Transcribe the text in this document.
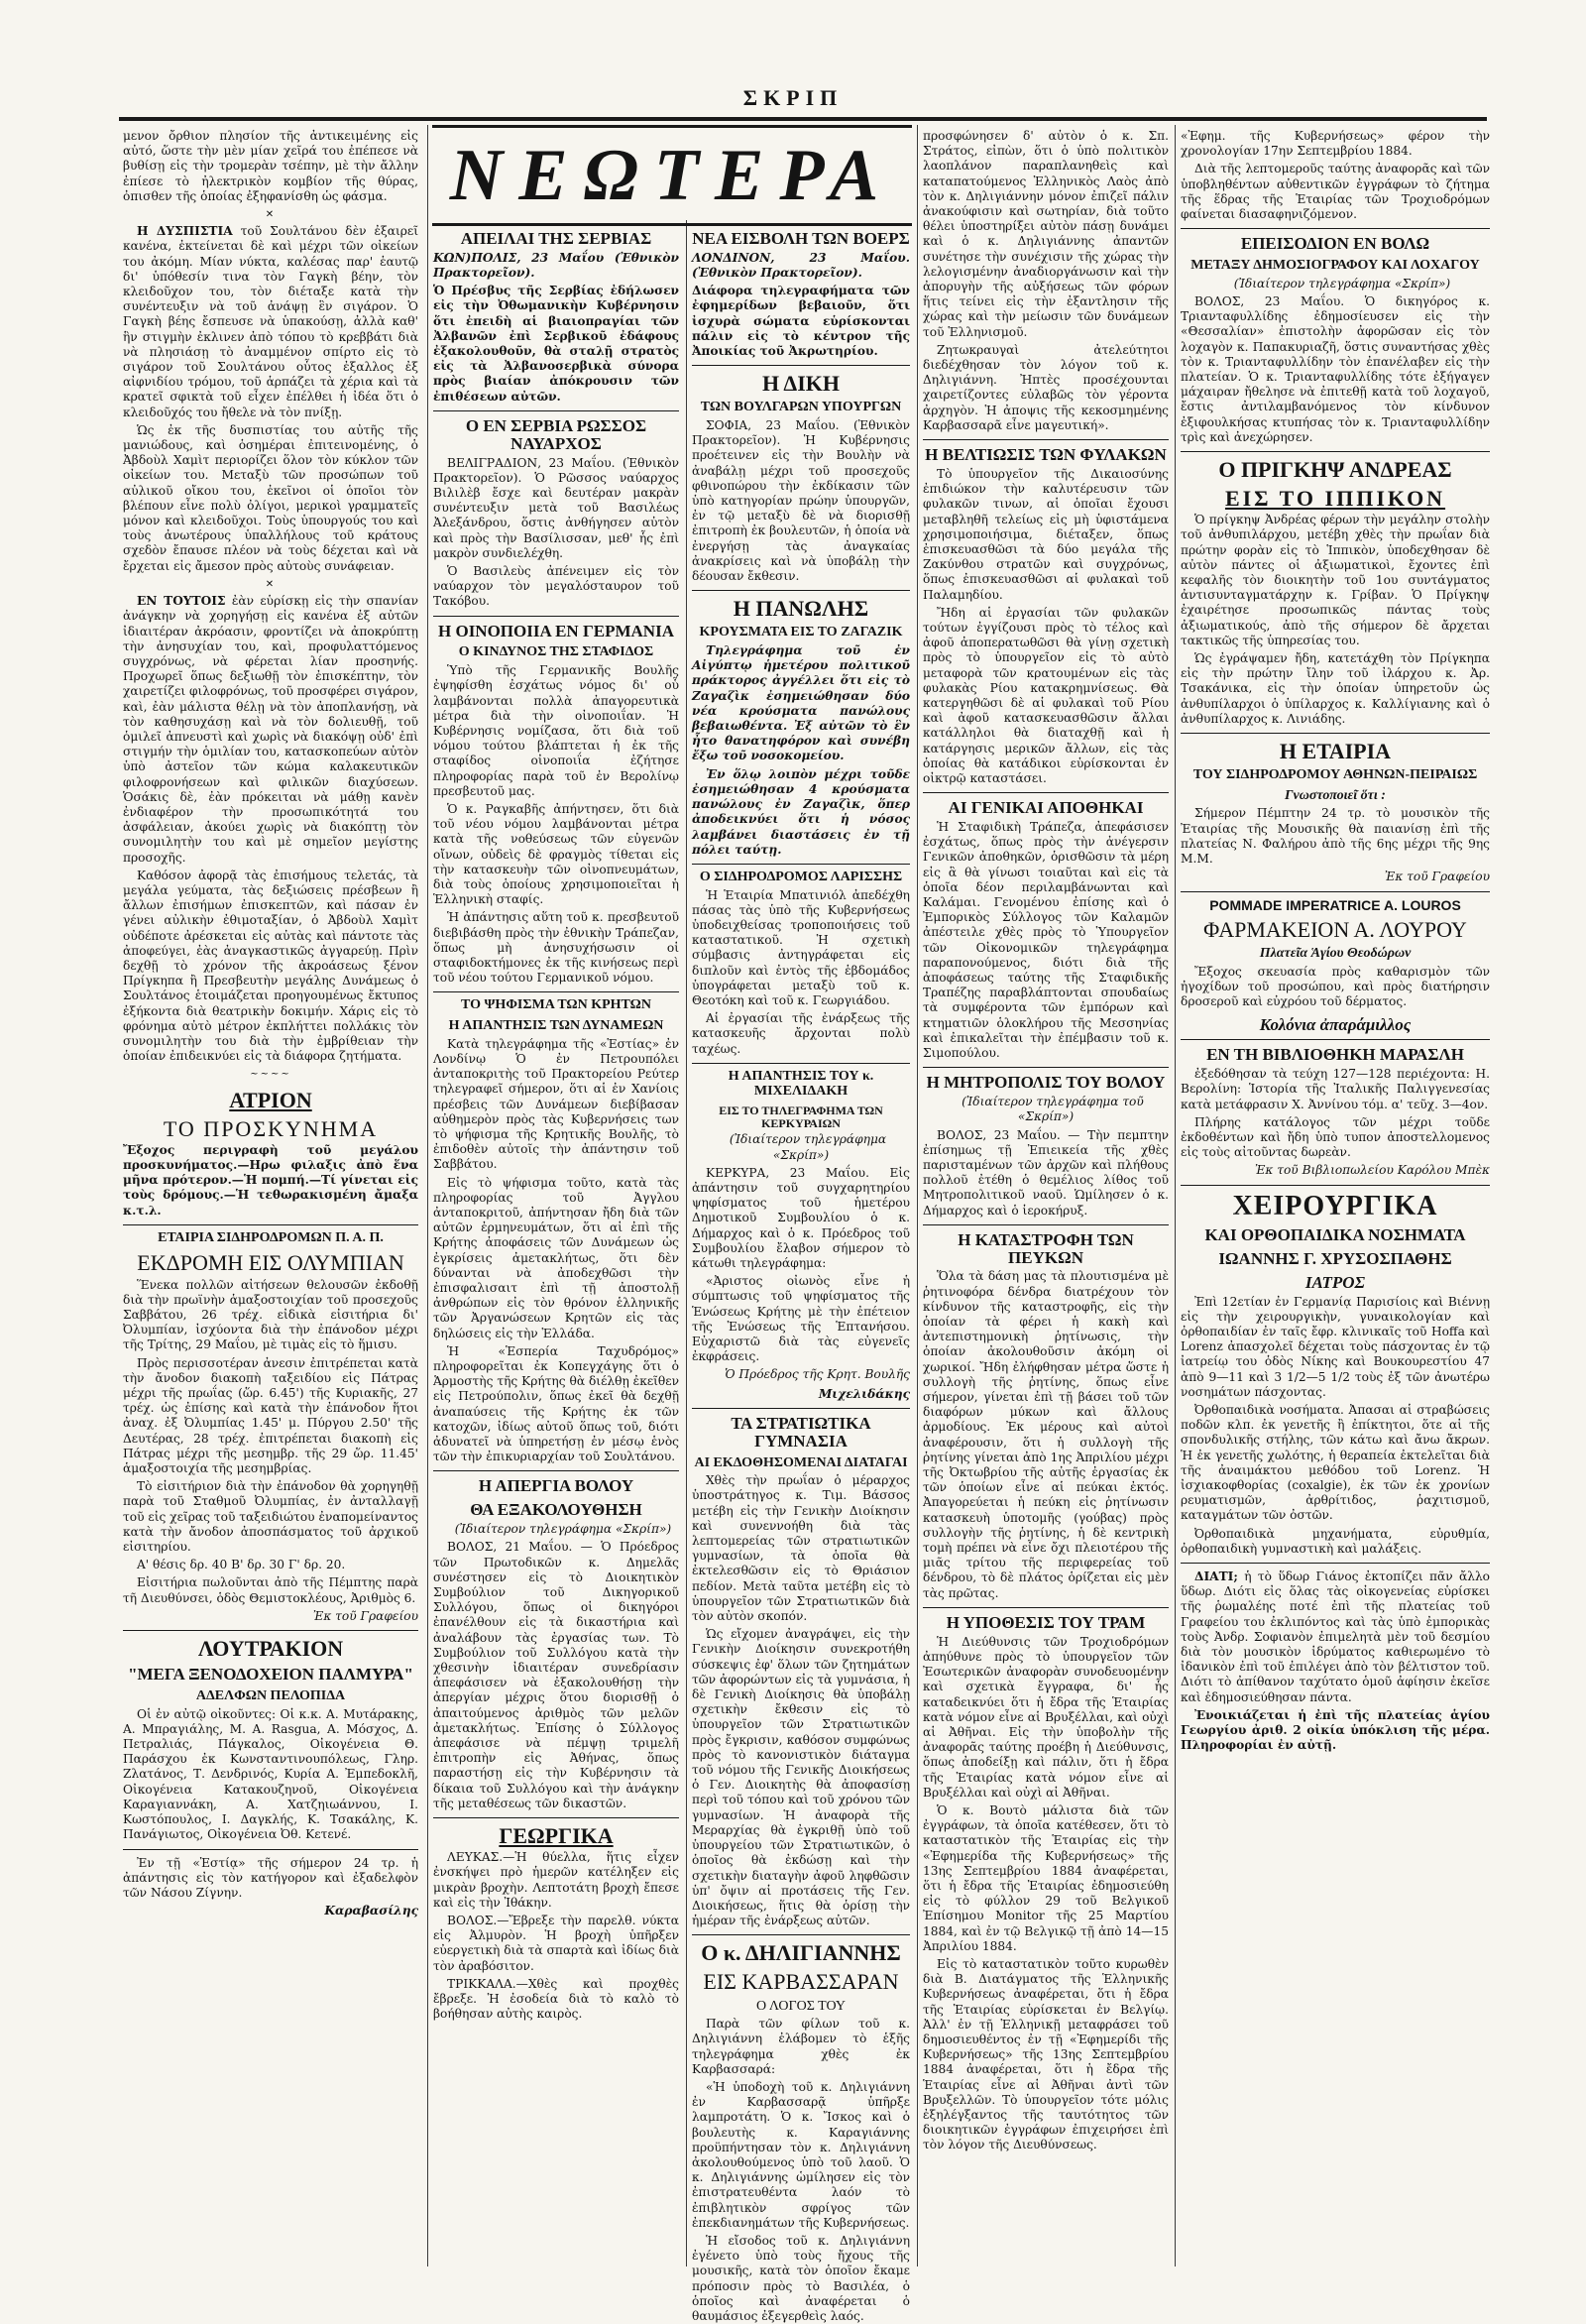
ΣΚΡΙΠ

μενον ὄρθιον πλησίον τῆς ἀντικειμένης εἰς αὐτό, ὥστε τὴν μὲν μίαν χεῖρά του ἐπέπεσε νὰ βυθίσῃ εἰς τὴν τρομερὰν τσέπην, μὲ τὴν ἄλλην ἐπίεσε τὸ ἠλεκτρικὸν κομβίον τῆς θύρας, ὀπισθεν τῆς ὁποίας ἐξηφανίσθη ὡς φάσμα.

✕

Η ΔΥΣΠΙΣΤΙΑ τοῦ Σουλτάνου δὲν ἐξαιρεῖ κανένα, ἐκτείνεται δὲ καὶ μέχρι τῶν οἰκείων του ἀκόμη. Μίαν νύκτα, καλέσας παρ' ἑαυτῷ δι' ὑπόθεσίν τινα τὸν Γαγκὴ βέην, τὸν κλειδοῦχον του, τὸν διέταξε κατὰ τὴν συνέντευξιν νὰ τοῦ ἀνάψῃ ἓν σιγάρον. Ὁ Γαγκὴ βέης ἔσπευσε νὰ ὑπακούσῃ, ἀλλὰ καθ' ἣν στιγμὴν ἐκλινεν ἀπὸ τόπου τὸ κρεββάτι διὰ νὰ πλησιάσῃ τὸ ἀναμμένον σπίρτο εἰς τὸ σιγάρον τοῦ Σουλτάνου οὗτος ἐξαλλος ἐξ αἰφνιδίου τρόμου, τοῦ ἁρπάζει τὰ χέρια καὶ τὰ κρατεῖ σφικτὰ τοῦ εἶχεν ἐπέλθει ἡ ἰδέα ὅτι ὁ κλειδοῦχός του ἤθελε νὰ τὸν πνίξῃ.

Ὡς ἐκ τῆς δυσπιστίας του αὐτῆς τῆς μανιώδους, καὶ ὁσημέραι ἐπιτεινομένης, ὁ Ἀβδοὺλ Χαμὶτ περιορίζει ὅλον τὸν κύκλον τῶν οἰκείων του. Μεταξὺ τῶν προσώπων τοῦ αὐλικοῦ οἴκου του, ἐκεῖνοι οἱ ὁποῖοι τὸν βλέπουν εἶνε πολὺ ὀλίγοι, μερικοὶ γραμματεῖς μόνον καὶ κλειδοῦχοι. Τοὺς ὑπουργούς του καὶ τοὺς ἀνωτέρους ὑπαλλήλους τοῦ κράτους σχεδὸν ἔπαυσε πλέον νὰ τοὺς δέχεται καὶ νὰ ἔρχεται εἰς ἄμεσον πρὸς αὐτοὺς συνάφειαν.

✕

ΕΝ ΤΟΥΤΟΙΣ ἐὰν εὑρίσκῃ εἰς τὴν σπανίαν ἀνάγκην νὰ χορηγήσῃ εἰς κανένα ἐξ αὐτῶν ἰδιαιτέραν ἀκρόασιν, φροντίζει νὰ ἀποκρύπτῃ τὴν ἀνησυχίαν του, καὶ, προφυλαττόμενος συγχρόνως, νὰ φέρεται λίαν προσηνής. Προχωρεῖ ὅπως δεξιωθῇ τὸν ἐπισκέπτην, τὸν χαιρετίζει φιλοφρόνως, τοῦ προσφέρει σιγάρον, καὶ, ἐὰν μάλιστα θέλῃ νὰ τὸν ἀποπλανήσῃ, νὰ τὸν καθησυχάσῃ καὶ νὰ τὸν δολιευθῇ, τοῦ ὁμιλεῖ ἀπνευστὶ καὶ χωρὶς νὰ διακόψῃ οὐδ' ἐπὶ στιγμήν τὴν ὁμιλίαν του, κατασκοπεύων αὐτὸν ὑπὸ ἀστεῖον τῶν κώμα καλακευτικῶν φιλοφρονήσεων καὶ φιλικῶν διαχύσεων. Ὁσάκις δὲ, ἐὰν πρόκειται νὰ μάθῃ κανὲν ἐνδιαφέρον τὴν προσωπικότητά του ἀσφάλειαν, ἀκούει χωρὶς νὰ διακόπτῃ τὸν συνομιλητὴν του καὶ μὲ σημεῖον μεγίστης προσοχῆς.

Καθόσον ἀφορᾷ τὰς ἐπισήμους τελετάς, τὰ μεγάλα γεύματα, τὰς δεξιώσεις πρέσβεων ἢ ἄλλων ἐπισήμων ἐπισκεπτῶν, καὶ πάσαν ἐν γένει αὐλικὴν ἐθιμοταξίαν, ὁ Ἀβδοὺλ Χαμὶτ οὐδέποτε ἀρέσκεται εἰς αὐτὰς καὶ πάντοτε τὰς ἀποφεύγει, ἐὰς ἀναγκαστικῶς ἀγγαρεύῃ. Πρὶν δεχθῇ τὸ χρόνον τῆς ἀκροάσεως ξένον Πρίγκηπα ἢ Πρεσβευτὴν μεγάλης Δυνάμεως ὁ Σουλτάνος ἑτοιμάζεται προηγουμένως ἔκτυπος ἐξήκοντα διὰ θεατρικὴν δοκιμήν. Χάρις εἰς τὸ φρόνημα αὐτὸ μέτρον ἐκπλήττει πολλάκις τὸν συνομιλητὴν του διὰ τὴν ἐμβρίθειαν τὴν ὁποίαν ἐπιδεικνύει εἰς τὰ διάφορα ζητήματα.

~~~~
ΑΤΡΙΟΝ
ΤΟ ΠΡΟΣΚΥΝΗΜΑ

Ἔξοχος περιγραφὴ τοῦ μεγάλου προσκυνήματος.—Ηρω φιλαξις ἀπὸ ἕνα μῆνα πρότερον.—Ἡ πομπή.—Τί γίνεται εἰς τοὺς δρόμους.—Ἡ τεθωρακισμένη ἄμαξα κ.τ.λ.

ΕΤΑΙΡΙΑ ΣΙΔΗΡΟΔΡΟΜΩΝ Π. Α. Π.
ΕΚΔΡΟΜΗ ΕΙΣ ΟΛΥΜΠΙΑΝ

Ἕνεκα πολλῶν αἰτήσεων θελουσῶν ἐκδοθῇ διὰ τὴν πρωϊνὴν ἁμαξοστοιχίαν τοῦ προσεχοῦς Σαββάτου, 26 τρέχ. εἰδικὰ εἰσιτήρια δι' Ὀλυμπίαν, ἰσχύοντα διὰ τὴν ἐπάνοδον μέχρι τῆς Τρίτης, 29 Μαΐου, μὲ τιμὰς εἰς τὸ ἥμισυ.

Πρὸς περισσοτέραν ἀνεσιν ἐπιτρέπεται κατὰ τὴν ἄνοδον διακοπὴ ταξειδίου εἰς Πάτρας μέχρι τῆς πρωΐας (ὥρ. 6.45') τῆς Κυριακῆς, 27 τρέχ. ὡς ἐπίσης καὶ κατὰ τὴν ἐπάνοδον ἥτοι ἀναχ. ἐξ Ὀλυμπίας 1.45' μ. Πύργου 2.50' τῆς Δευτέρας, 28 τρέχ. ἐπιτρέπεται διακοπὴ εἰς Πάτρας μέχρι τῆς μεσημβρ. τῆς 29 ὥρ. 11.45' ἁμαξοστοιχία τῆς μεσημβρίας.

Τὸ εἰσιτήριον διὰ τὴν ἐπάνοδον θὰ χορηγηθῇ παρὰ τοῦ Σταθμοῦ Ὀλυμπίας, ἐν ἀνταλλαγῇ τοῦ εἰς χεῖρας τοῦ ταξειδιώτου ἐναπομείναντος κατὰ τὴν ἄνοδον ἀποσπάσματος τοῦ ἀρχικοῦ εἰσιτηρίου.

Α' θέσις δρ. 40 Β' δρ. 30 Γ' δρ. 20.

Εἰσιτήρια πωλοῦνται ἀπὸ τῆς Πέμπτης παρὰ τῆ Διευθύνσει, ὁδὸς Θεμιστοκλέους, Ἀριθμὸς 6.

Ἐκ τοῦ Γραφείου
ΛΟΥΤΡΑΚΙΟΝ
"ΜΕΓΑ ΞΕΝΟΔΟΧΕΙΟΝ ΠΑΛΜΥΡΑ"
ΑΔΕΛΦΩΝ ΠΕΛΟΠΙΔΑ

Οἱ ἐν αὐτῷ οἰκοῦντες: Οἱ κ.κ. Α. Μυτάρακης, Α. Μπραγιάλης, Μ. Α. Rasgua, Α. Μόσχος, Δ. Πετραλιάς, Πάγκαλος, Οἰκογένεια Θ. Παράσχου ἐκ Κωνσταντινουπόλεως, Γληρ. Ζλατάνος, Τ. Δενδρινός, Κυρία Α. Ἐμπεδοκλῆ, Οἰκογένεια Κατακουζηνοῦ, Οἰκογένεια Καραγιαννάκη, Α. Χατζηιωάννου, Ι. Κωστόπουλος, Ι. Δαγκλής, Κ. Τσακάλης, Κ. Πανάγιωτος, Οἰκογένεια Ὀθ. Κετενέ.

Ἐν τῇ «Ἑστίᾳ» τῆς σήμερον 24 τρ. ἡ ἀπάντησις εἰς τὸν κατήγορον καὶ ἐξαδελφὸν τῶν Νάσου Ζίγνην.

Καραβασίλης
ΝΕΩΤΕΡΑ
ΑΠΕΙΛΑΙ ΤΗΣ ΣΕΡΒΙΑΣ

ΚΩΝ)ΠΟΛΙΣ, 23 Μαΐου (Ἐθνικὸν Πρακτορεῖον).

Ὁ Πρέσβυς τῆς Σερβίας ἐδήλωσεν εἰς τὴν Ὀθωμανικὴν Κυβέρνησιν ὅτι ἐπειδὴ αἱ βιαιοπραγίαι τῶν Ἀλβανῶν ἐπὶ Σερβικοῦ ἐδάφους ἐξακολουθοῦν, θὰ σταλῇ στρατὸς εἰς τὰ Ἀλβανοσερβικὰ σύνορα πρὸς βιαίαν ἀπόκρουσιν τῶν ἐπιθέσεων αὐτῶν.

Ο ΕΝ ΣΕΡΒΙΑ ΡΩΣΣΟΣ ΝΑΥΑΡΧΟΣ

ΒΕΛΙΓΡΑΔΙΟΝ, 23 Μαΐου. (Ἐθνικὸν Πρακτορεῖον). Ὁ Ρῶσσος ναύαρχος Βιλιλὲβ ἔσχε καὶ δευτέραν μακρὰν συνέντευξιν μετὰ τοῦ Βασιλέως Ἀλεξάνδρου, ὅστις ἀνθήγησεν αὐτὸν καὶ πρὸς τὴν Βασίλισσαν, μεθ' ἧς ἐπὶ μακρὸν συνδιελέχθη.

Ὁ Βασιλεὺς ἀπένειμεν εἰς τὸν ναύαρχον τὸν μεγαλόσταυρον τοῦ Τακόβου.

Η ΟΙΝΟΠΟΙΙΑ ΕΝ ΓΕΡΜΑΝΙΑ
Ο ΚΙΝΔΥΝΟΣ ΤΗΣ ΣΤΑΦΙΔΟΣ

Ὑπὸ τῆς Γερμανικῆς Βουλῆς ἐψηφίσθη ἐσχάτως νόμος δι' οὗ λαμβάνονται πολλὰ ἀπαγορευτικὰ μέτρα διὰ τὴν οἰνοποιΐαν. Ἡ Κυβέρνησις νομίζασα, ὅτι διὰ τοῦ νόμου τούτου βλάπτεται ἡ ἐκ τῆς σταφίδος οἰνοποιΐα ἐζήτησε πληροφορίας παρὰ τοῦ ἐν Βερολίνῳ πρεσβευτοῦ μας.

Ὁ κ. Ραγκαβῆς ἀπήντησεν, ὅτι διὰ τοῦ νέου νόμου λαμβάνονται μέτρα κατὰ τῆς νοθεύσεως τῶν εὐγενῶν οἴνων, οὐδεὶς δὲ φραγμὸς τίθεται εἰς τὴν κατασκευὴν τῶν οἰνοπνευμάτων, διὰ τοὺς ὁποίους χρησιμοποιεῖται ἡ Ἑλληνικὴ σταφίς.

Ἡ ἀπάντησις αὕτη τοῦ κ. πρεσβευτοῦ διεβιβάσθη πρὸς τὴν ἐθνικὴν Τράπεζαν, ὅπως μὴ ἀνησυχήσωσιν οἱ σταφιδοκτήμονες ἐκ τῆς κινήσεως περὶ τοῦ νέου τούτου Γερμανικοῦ νόμου.

ΤΟ ΨΗΦΙΣΜΑ ΤΩΝ ΚΡΗΤΩΝ
Η ΑΠΑΝΤΗΣΙΣ ΤΩΝ ΔΥΝΑΜΕΩΝ

Κατὰ τηλεγράφημα τῆς «Ἑστίας» ἐν Λονδίνῳ Ὁ ἐν Πετρουπόλει ἀνταποκριτὴς τοῦ Πρακτορείου Ρεύτερ τηλεγραφεῖ σήμερον, ὅτι αἱ ἐν Χανίοις πρέσβεις τῶν Δυνάμεων διεβίβασαν αὐθημερὸν πρὸς τὰς Κυβερνήσεις των τὸ ψήφισμα τῆς Κρητικῆς Βουλῆς, τὸ ἐπιδοθὲν αὐτοῖς τὴν ἀπάντησιν τοῦ Σαββάτου.

Εἰς τὸ ψήφισμα τοῦτο, κατὰ τὰς πληροφορίας τοῦ Ἀγγλου ἀνταποκριτοῦ, ἀπήντησαν ἤδη διὰ τῶν αὐτῶν ἐρμηνευμάτων, ὅτι αἱ ἐπὶ τῆς Κρήτης ἀποφάσεις τῶν Δυνάμεων ὡς ἐγκρίσεις ἀμετακλήτως, ὅτι δὲν δύνανται νὰ ἀποδεχθῶσι τὴν ἐπισφαλισαιτ ἐπὶ τῇ ἀποστολῇ ἀνθρώπων εἰς τὸν θρόνον ἑλληνικῆς τῶν Ἀργανώσεων Κρητῶν εἰς τὰς δηλώσεις εἰς τὴν Ἑλλάδα.

Ἡ «Ἑσπερία Ταχυδρόμος» πληροφορεῖται ἐκ Κοπεγχάγης ὅτι ὁ Ἁρμοστὴς τῆς Κρήτης θὰ διέλθῃ ἐκεῖθεν εἰς Πετρούπολιν, ὅπως ἐκεῖ θὰ δεχθῇ ἀναπαύσεις τῆς Κρήτης ἐκ τῶν κατοχῶν, ἰδίως αὐτοῦ ὅπως τοῦ, διότι ἀδυνατεῖ νὰ ὑπηρετήσῃ ἐν μέσῳ ἑνὸς τῶν τὴν ἐπικυριαρχίαν τοῦ Σουλτάνου.

Η ΑΠΕΡΓΙΑ ΒΟΛΟΥ
ΘΑ ΕΞΑΚΟΛΟΥΘΗΣΗ

(Ἰδιαίτερον τηλεγράφημα «Σκρίπ»)

ΒΟΛΟΣ, 21 Μαΐου. — Ὁ Πρόεδρος τῶν Πρωτοδικῶν κ. Δημελᾶς συνέστησεν εἰς τὸ Διοικητικὸν Συμβούλιον τοῦ Δικηγορικοῦ Συλλόγου, ὅπως οἱ δικηγόροι ἐπανέλθουν εἰς τὰ δικαστήρια καὶ ἀναλάβουν τὰς ἐργασίας των. Τὸ Συμβούλιον τοῦ Συλλόγου κατὰ τὴν χθεσινὴν ἰδιαιτέραν συνεδρίασιν ἀπεφάσισεν νὰ ἐξακολουθήσῃ τὴν ἀπεργίαν μέχρις ὅτου διορισθῇ ὁ ἀπαιτούμενος ἀριθμὸς τῶν μελῶν ἀμετακλήτως. Ἐπίσης ὁ Σύλλογος ἀπεφάσισε νὰ πέμψῃ τριμελῆ ἐπιτροπὴν εἰς Ἀθήνας, ὅπως παραστήσῃ εἰς τὴν Κυβέρνησιν τὰ δίκαια τοῦ Συλλόγου καὶ τὴν ἀνάγκην τῆς μεταθέσεως τῶν δικαστῶν.

ΓΕΩΡΓΙΚΑ

ΛΕΥΚΑΣ.—Ἡ θύελλα, ἥτις εἶχεν ἐνσκήψει πρὸ ἡμερῶν κατέληξεν εἰς μικρὰν βροχὴν. Λεπτοτάτη βροχὴ ἔπεσε καὶ εἰς τὴν Ἰθάκην.

ΒΟΛΟΣ.—Ἔβρεξε τὴν παρελθ. νύκτα εἰς Ἀλμυρὸν. Ἡ βροχὴ ὑπῆρξεν εὐεργετικὴ διὰ τὰ σπαρτὰ καὶ ἰδίως διὰ τὸν ἀραβόσιτον.

ΤΡΙΚΚΑΛΑ.—Χθὲς καὶ προχθὲς ἔβρεξε. Ἡ ἐσοδεία διὰ τὸ καλὸ τὸ βοήθησαν αὐτὴς καιρὸς.

ΝΕΑ ΕΙΣΒΟΛΗ ΤΩΝ ΒΟΕΡΣ

ΛΟΝΔΙΝΟΝ, 23 Μαΐου. (Ἐθνικὸν Πρακτορεῖον).

Διάφορα τηλεγραφήματα τῶν ἐφημερίδων βεβαιοῦν, ὅτι ἰσχυρὰ σώματα εὑρίσκονται πάλιν εἰς τὸ κέντρον τῆς Ἀποικίας τοῦ Ἀκρωτηρίου.

Η ΔΙΚΗ
ΤΩΝ ΒΟΥΛΓΑΡΩΝ ΥΠΟΥΡΓΩΝ

ΣΟΦΙΑ, 23 Μαΐου. (Ἐθνικὸν Πρακτορεῖον). Ἡ Κυβέρνησις προέτεινεν εἰς τὴν Βουλὴν νὰ ἀναβάλῃ μέχρι τοῦ προσεχοῦς φθινοπώρου τὴν ἐκδίκασιν τῶν ὑπὸ κατηγορίαν πρώην ὑπουργῶν, ἐν τῷ μεταξὺ δὲ νὰ διορισθῇ ἐπιτροπὴ ἐκ βουλευτῶν, ἡ ὁποία νὰ ἐνεργήσῃ τὰς ἀναγκαίας ἀνακρίσεις καὶ νὰ ὑποβάλῃ τὴν δέουσαν ἔκθεσιν.

Η ΠΑΝΩΛΗΣ
ΚΡΟΥΣΜΑΤΑ ΕΙΣ ΤΟ ΖΑΓΑΖΙΚ

Τηλεγράφημα τοῦ ἐν Αἰγύπτῳ ἡμετέρου πολιτικοῦ πράκτορος ἀγγέλλει ὅτι εἰς τὸ Ζαγαζὶκ ἐσημειώθησαν δύο νέα κρούσματα πανώλους βεβαιωθέντα. Ἐξ αὐτῶν τὸ ἓν ἦτο θανατηφόρον καὶ συνέβη ἔξω τοῦ νοσοκομείου.

Ἐν ὅλῳ λοιπὸν μέχρι τοῦδε ἐσημειώθησαν 4 κρούσματα πανώλους ἐν Ζαγαζὶκ, ὅπερ ἀποδεικνύει ὅτι ἡ νόσος λαμβάνει διαστάσεις ἐν τῇ πόλει ταύτῃ.

Ο ΣΙΔΗΡΟΔΡΟΜΟΣ ΛΑΡΙΣΣΗΣ

Ἡ Ἑταιρία Μπατινιόλ ἀπεδέχθη πάσας τὰς ὑπὸ τῆς Κυβερνήσεως ὑποδειχθείσας τροποποιήσεις τοῦ καταστατικοῦ. Ἡ σχετικὴ σύμβασις ἀντηγράφεται εἰς διπλοῦν καὶ ἐντὸς τῆς ἑβδομάδος ὑπογράφεται μεταξὺ τοῦ κ. Θεοτόκη καὶ τοῦ κ. Γεωργιάδου.

Αἱ ἐργασίαι τῆς ἐνάρξεως τῆς κατασκευῆς ἄρχονται πολὺ ταχέως.

Η ΑΠΑΝΤΗΣΙΣ ΤΟΥ κ. ΜΙΧΕΛΙΔΑΚΗ
ΕΙΣ ΤΟ ΤΗΛΕΓΡΑΦΗΜΑ ΤΩΝ ΚΕΡΚΥΡΑΙΩΝ

(Ἰδιαίτερον τηλεγράφημα «Σκρίπ»)

ΚΕΡΚΥΡΑ, 23 Μαΐου. Εἰς ἀπάντησιν τοῦ συγχαρητηρίου ψηφίσματος τοῦ ἡμετέρου Δημοτικοῦ Συμβουλίου ὁ κ. Δήμαρχος καὶ ὁ κ. Πρόεδρος τοῦ Συμβουλίου ἔλαβον σήμερον τὸ κάτωθι τηλεγράφημα:

«Ἀριστος οἰωνὸς εἶνε ἡ σύμπτωσις τοῦ ψηφίσματος τῆς Ἑνώσεως Κρήτης μὲ τὴν ἐπέτειον τῆς Ἑνώσεως τῆς Ἑπτανήσου. Εὐχαριστῶ διὰ τὰς εὐγενεῖς ἐκφράσεις.

Ὁ Πρόεδρος τῆς Κρητ. Βουλῆς
Μιχελιδάκης
ΤΑ ΣΤΡΑΤΙΩΤΙΚΑ ΓΥΜΝΑΣΙΑ
ΑΙ ΕΚΔΟΘΗΣΟΜΕΝΑΙ ΔΙΑΤΑΓΑΙ

Χθὲς τὴν πρωΐαν ὁ μέραρχος ὑποστράτηγος κ. Τιμ. Βάσσος μετέβη εἰς τὴν Γενικὴν Διοίκησιν καὶ συνεννοήθη διὰ τὰς λεπτομερείας τῶν στρατιωτικῶν γυμνασίων, τὰ ὁποῖα θὰ ἐκτελεσθῶσιν εἰς τὸ Θριάσιον πεδίον. Μετὰ ταῦτα μετέβη εἰς τὸ ὑπουργεῖον τῶν Στρατιωτικῶν διὰ τὸν αὐτὸν σκοπόν.

Ὡς εἴχομεν ἀναγράψει, εἰς τὴν Γενικὴν Διοίκησιν συνεκροτήθη σύσκεψις ἐφ' ὅλων τῶν ζητημάτων τῶν ἀφορώντων εἰς τὰ γυμνάσια, ἡ δὲ Γενικὴ Διοίκησις θὰ ὑποβάλῃ σχετικὴν ἔκθεσιν εἰς τὸ ὑπουργεῖον τῶν Στρατιωτικῶν πρὸς ἔγκρισιν, καθόσον συμφώνως πρὸς τὸ κανονιστικὸν διάταγμα τοῦ νόμου τῆς Γενικῆς Διοικήσεως ὁ Γεν. Διοικητὴς θὰ ἀποφασίσῃ περὶ τοῦ τόπου καὶ τοῦ χρόνου τῶν γυμνασίων. Ἡ ἀναφορὰ τῆς Μεραρχίας θὰ ἐγκριθῇ ὑπὸ τοῦ ὑπουργείου τῶν Στρατιωτικῶν, ὁ ὁποῖος θὰ ἐκδώσῃ καὶ τὴν σχετικὴν διαταγὴν ἀφοῦ ληφθῶσιν ὑπ' ὄψιν αἱ προτάσεις τῆς Γεν. Διοικήσεως, ἥτις θὰ ὁρίσῃ τὴν ἡμέραν τῆς ἐνάρξεως αὐτῶν.

Ο κ. ΔΗΛΙΓΙΑΝΝΗΣ
ΕΙΣ ΚΑΡΒΑΣΣΑΡΑΝ
Ο ΛΟΓΟΣ ΤΟΥ

Παρὰ τῶν φίλων τοῦ κ. Δηλιγιάννη ἐλάβομεν τὸ ἑξῆς τηλεγράφημα χθὲς ἐκ Καρβασσαρά:

«Ἡ ὑποδοχὴ τοῦ κ. Δηλιγιάννη ἐν Καρβασσαρᾷ ὑπῆρξε λαμπροτάτη. Ὁ κ. Ἴσκος καὶ ὁ βουλευτὴς κ. Καραγιάννης προϋπήντησαν τὸν κ. Δηλιγιάννη ἀκολουθούμενος ὑπὸ τοῦ λαοῦ. Ὁ κ. Δηλιγιάννης ὡμίλησεν εἰς τὸν ἐπιστρατευθέντα λαόν τὸ ἐπιβλητικὸν σφρίγος τῶν ἐπεκδιανημάτων τῆς Κυβερνήσεως.

Ἡ εἴσοδος τοῦ κ. Δηλιγιάννη ἐγένετο ὑπὸ τοὺς ἤχους τῆς μουσικῆς, κατὰ τὸν ὁποῖον ἔκαμε πρόποσιν πρὸς τὸ Βασιλέα, ὁ ὁποῖος καὶ ἀναφέρεται ὁ θαυμάσιος ἐξεγερθεὶς λαός.

προσφώνησεν δ' αὐτὸν ὁ κ. Σπ. Στράτος, εἰπὼν, ὅτι ὁ ὑπὸ πολιτικὸν λαοπλάνον παραπλανηθεὶς καὶ καταπατούμενος Ἑλληνικὸς Λαὸς ἀπὸ τὸν κ. Δηλιγιάννην μόνον ἐπιζεῖ πάλιν ἀνακούφισιν καὶ σωτηρίαν, διὰ τοῦτο θέλει ὑποστηρίξει αὐτὸν πάσῃ δυνάμει καὶ ὁ κ. Δηλιγιάννης ἀπαντῶν συνέτησε τὴν συνέχισιν τῆς χώρας τὴν λελογισμένην ἀναδιοργάνωσιν καὶ τὴν ἀπορυγὴν τῆς αὐξήσεως τῶν φόρων ἥτις τείνει εἰς τὴν ἐξαντλησιν τῆς χώρας καὶ τὴν μείωσιν τῶν δυνάμεων τοῦ Ἑλληνισμοῦ.

Ζητωκραυγαὶ ἀτελεύτητοι διεδέχθησαν τὸν λόγον τοῦ κ. Δηλιγιάννη. Ἠπτὲς προσέχουνται χαιρετίζοντες εὐλαβῶς τὸν γέροντα ἀρχηγὸν. Ἡ ἀποψις τῆς κεκοσμημένης Καρβασσαρᾶ εἶνε μαγευτική».

Η ΒΕΛΤΙΩΣΙΣ ΤΩΝ ΦΥΛΑΚΩΝ

Τὸ ὑπουργεῖον τῆς Δικαιοσύνης ἐπιδιώκον τὴν καλυτέρευσιν τῶν φυλακῶν τινων, αἱ ὁποῖαι ἔχουσι μεταβληθῆ τελείως εἰς μὴ ὑφιστάμενα χρησιμοποιήσιμα, διέταξεν, ὅπως ἐπισκευασθῶσι τὰ δύο μεγάλα τῆς Ζακύνθου στρατῶν καὶ συγχρόνως, ὅπως ἐπισκευασθῶσι αἱ φυλακαὶ τοῦ Παλαμηδίου.

Ἤδη αἱ ἐργασίαι τῶν φυλακῶν τούτων ἐγγίζουσι πρὸς τὸ τέλος καὶ ἀφοῦ ἀποπερατωθῶσι θὰ γίνῃ σχετικὴ πρὸς τὸ ὑπουργεῖον εἰς τὸ αὐτὸ μεταφορὰ τῶν κρατουμένων εἰς τὰς φυλακὰς Ρίου κατακρημνίσεως. Θὰ κατεργηθῶσι δὲ αἱ φυλακαὶ τοῦ Ρίου καὶ ἀφοῦ κατασκευασθῶσιν ἄλλαι κατάλληλοι θὰ διαταχθῇ καὶ ἡ κατάργησις μερικῶν ἄλλων, εἰς τὰς ὁποίας θὰ κατάδικοι εὑρίσκονται ἐν οἰκτρῷ καταστάσει.

ΑΙ ΓΕΝΙΚΑΙ ΑΠΟΘΗΚΑΙ

Ἡ Σταφιδικὴ Τράπεζα, ἀπεφάσισεν ἐσχάτως, ὅπως πρὸς τὴν ἀνέγερσιν Γενικῶν ἀποθηκῶν, ὁρισθῶσιν τὰ μέρη εἰς ἃ θὰ γίνωσι τοιαῦται καὶ εἰς τὰ ὁποῖα δέον περιλαμβάνωνται καὶ Καλάμαι. Γενομένου ἐπίσης καὶ ὁ Ἐμπορικὸς Σύλλογος τῶν Καλαμῶν ἀπέστειλε χθὲς πρὸς τὸ Ὑπουργεῖον τῶν Οἰκονομικῶν τηλεγράφημα παραπονούμενος, διότι διὰ τῆς ἀποφάσεως ταύτης τῆς Σταφιδικῆς Τραπέζης παραβλάπτονται σπουδαίως τὰ συμφέροντα τῶν ἐμπόρων καὶ κτηματιῶν ὁλοκλήρου τῆς Μεσσηνίας καὶ ἐπικαλεῖται τὴν ἐπέμβασιν τοῦ κ. Σιμοπούλου.

Η ΜΗΤΡΟΠΟΛΙΣ ΤΟΥ ΒΟΛΟΥ

(Ἰδιαίτερον τηλεγράφημα τοῦ «Σκρίπ»)

ΒΟΛΟΣ, 23 Μαΐου. — Τὴν πεμπτην ἐπίσημως τῇ Ἐπιεικεία τῆς χθὲς παρισταμένων τῶν ἀρχῶν καὶ πλήθους πολλοῦ ἐτέθη ὁ θεμέλιος λίθος τοῦ Μητροπολιτικοῦ ναοῦ. Ὡμίλησεν ὁ κ. Δήμαρχος καὶ ὁ ἱεροκήρυξ.

Η ΚΑΤΑΣΤΡΟΦΗ ΤΩΝ ΠΕΥΚΩΝ

Ὅλα τὰ δάση μας τὰ πλουτισμένα μὲ ῥητινοφόρα δένδρα διατρέχουν τὸν κίνδυνον τῆς καταστροφῆς, εἰς τὴν ὁποίαν τὰ φέρει ἡ κακὴ καὶ ἀντεπιστημονικὴ ῥητίνωσις, τὴν ὁποίαν ἀκολουθοῦσιν ἀκόμη οἱ χωρικοί. Ἤδη ἐλήφθησαν μέτρα ὥστε ἡ συλλογὴ τῆς ῥητίνης, ὅπως εἶνε σήμερον, γίνεται ἐπὶ τῇ βάσει τοῦ τῶν διαφόρων μύκων καὶ ἄλλους ἀρμοδίους. Ἐκ μέρους καὶ αὐτοὶ ἀναφέρουσιν, ὅτι ἡ συλλογὴ τῆς ῥητίνης γίνεται ἀπὸ 1ης Ἀπριλίου μέχρι τῆς Ὀκτωβρίου τῆς αὐτῆς ἐργασίας ἐκ τῶν ὁποίων εἶνε αἱ πεύκαι ἐκτός. Ἀπαγορεύεται ἡ πεύκη εἰς ῥητίνωσιν κατασκευὴ ὑποτομῆς (γούβας) πρὸς συλλογὴν τῆς ῥητίνης, ἡ δὲ κεντρικὴ τομὴ πρέπει νὰ εἶνε ὄχι πλειοτέρου τῆς μιᾶς τρίτου τῆς περιφερείας τοῦ δένδρου, τὸ δὲ πλάτος ὁρίζεται εἰς μὲν τὰς πρῶτας.

Η ΥΠΟΘΕΣΙΣ ΤΟΥ ΤΡΑΜ

Ἡ Διεύθυνσις τῶν Τροχιοδρόμων ἀπηύθυνε πρὸς τὸ ὑπουργεῖον τῶν Ἐσωτερικῶν ἀναφορὰν συνοδευομένην καὶ σχετικὰ ἔγγραφα, δι' ἧς καταδεικνύει ὅτι ἡ ἔδρα τῆς Ἑταιρίας κατὰ νόμον εἶνε αἱ Βρυξέλλαι, καὶ οὐχὶ αἱ Ἀθῆναι. Εἰς τὴν ὑποβολὴν τῆς ἀναφορᾶς ταύτης προέβη ἡ Διεύθυνσις, ὅπως ἀποδείξῃ καὶ πάλιν, ὅτι ἡ ἔδρα τῆς Ἑταιρίας κατὰ νόμον εἶνε αἱ Βρυξέλλαι καὶ οὐχὶ αἱ Ἀθῆναι.

Ὁ κ. Βουτὸ μάλιστα διὰ τῶν ἐγγράφων, τὰ ὁποῖα κατέθεσεν, ὅτι τὸ καταστατικὸν τῆς Ἑταιρίας εἰς τὴν «Ἐφημερίδα τῆς Κυβερνήσεως» τῆς 13ης Σεπτεμβρίου 1884 ἀναφέρεται, ὅτι ἡ ἔδρα τῆς Ἑταιρίας ἐδημοσιεύθη εἰς τὸ φύλλον 29 τοῦ Βελγικοῦ Ἐπίσημου Monitor τῆς 25 Μαρτίου 1884, καὶ ἐν τῷ Βελγικῷ τῇ ἀπὸ 14—15 Ἀπριλίου 1884.

Εἰς τὸ καταστατικὸν τοῦτο κυρωθὲν διὰ Β. Διατάγματος τῆς Ἑλληνικῆς Κυβερνήσεως ἀναφέρεται, ὅτι ἡ ἔδρα τῆς Ἑταιρίας εὑρίσκεται ἐν Βελγίῳ. Ἀλλ' ἐν τῇ Ἑλληνικῇ μεταφράσει τοῦ δημοσιευθέντος ἐν τῇ «Ἐφημερίδι τῆς Κυβερνήσεως» τῆς 13ης Σεπτεμβρίου 1884 ἀναφέρεται, ὅτι ἡ ἔδρα τῆς Ἑταιρίας εἶνε αἱ Ἀθῆναι ἀντὶ τῶν Βρυξελλῶν. Τὸ ὑπουργεῖον τότε μόλις ἐξηλέγξαντος τῆς ταυτότητος τῶν διοικητικῶν ἐγγράφων ἐπιχειρήσει ἐπὶ τὸν λόγον τῆς Διευθύνσεως.

«Ἐφημ. τῆς Κυβερνήσεως» φέρον τὴν χρονολογίαν 17ην Σεπτεμβρίου 1884.

Διὰ τῆς λεπτομεροῦς ταύτης ἀναφορᾶς καὶ τῶν ὑποβληθέντων αὐθεντικῶν ἐγγράφων τὸ ζήτημα τῆς ἕδρας τῆς Ἑταιρίας τῶν Τροχιοδρόμων φαίνεται διασαφηνιζόμενον.

ΕΠΕΙΣΟΔΙΟΝ ΕΝ ΒΟΛΩ
ΜΕΤΑΞΥ ΔΗΜΟΣΙΟΓΡΑΦΟΥ ΚΑΙ ΛΟΧΑΓΟΥ

(Ἰδιαίτερον τηλεγράφημα «Σκρίπ»)

ΒΟΛΟΣ, 23 Μαΐου. Ὁ δικηγόρος κ. Τριανταφυλλίδης ἐδημοσίευσεν εἰς τὴν «Θεσσαλίαν» ἐπιστολὴν ἀφορῶσαν εἰς τὸν λοχαγὸν κ. Παπακυριαζῆ, ὅστις συναντήσας χθὲς τὸν κ. Τριανταφυλλίδην τὸν ἐπανέλαβεν εἰς τὴν πλατείαν. Ὁ κ. Τριανταφυλλίδης τότε ἐξήγαγεν μάχαιραν ἤθελησε νὰ ἐπιτεθῇ κατὰ τοῦ λοχαγοῦ, ἔστις ἀντιλαμβανόμενος τὸν κίνδυνον ἐξιφουλκήσας κτυπήσας τὸν κ. Τριανταφυλλίδην τρὶς καὶ ἀνεχώρησεν.

Ο ΠΡΙΓΚΗΨ ΑΝΔΡΕΑΣ
ΕΙΣ ΤΟ ΙΠΠΙΚΟΝ

Ὁ πρίγκηψ Ἀνδρέας φέρων τὴν μεγάλην στολὴν τοῦ ἀνθυπιλάρχου, μετέβη χθὲς τὴν πρωΐαν διὰ πρώτην φορὰν εἰς τὸ Ἱππικὸν, ὑποδεχθησαν δὲ αὐτὸν πάντες οἱ ἀξιωματικοὶ, ἔχοντες ἐπὶ κεφαλῆς τὸν διοικητὴν τοῦ 1ου συντάγματος ἀντισυνταγματάρχην κ. Γρίβαν. Ὁ Πρίγκηψ ἐχαιρέτησε προσωπικῶς πάντας τοὺς ἀξιωματικούς, ἀπὸ τῆς σήμερον δὲ ἄρχεται τακτικῶς τῆς ὑπηρεσίας του.

Ὡς ἐγράψαμεν ἤδη, κατετάχθη τὸν Πρίγκηπα εἰς τὴν πρώτην ἴλην τοῦ ἰλάρχου κ. Ἀρ. Τσακάνικα, εἰς τὴν ὁποίαν ὑπηρετοῦν ὡς ἀνθυπίλαρχοι ὁ ὑπίλαρχος κ. Καλλίγιανης καὶ ὁ ἀνθυπίλαρχος κ. Λινιάδης.

Η ΕΤΑΙΡΙΑ
ΤΟΥ ΣΙΔΗΡΟΔΡΟΜΟΥ ΑΘΗΝΩΝ-ΠΕΙΡΑΙΩΣ
Γνωστοποιεῖ ὅτι :

Σήμερον Πέμπτην 24 τρ. τὸ μουσικὸν τῆς Ἐταιρίας τῆς Μουσικῆς θὰ παιανίσῃ ἐπὶ τῆς πλατείας Ν. Φαλήρου ἀπὸ τῆς 6ης μέχρι τῆς 9ης Μ.Μ.

Ἐκ τοῦ Γραφείου
POMMADE IMPERATRICE A. LOUROS
ΦΑΡΜΑΚΕΙΟΝ Α. ΛΟΥΡΟΥ
Πλατεῖα Ἁγίου Θεοδώρων

Ἔξοχος σκευασία πρὸς καθαρισμὸν τῶν ἠγοχίδων τοῦ προσώπου, καὶ πρὸς διατήρησιν δροσεροῦ καὶ εὐχρόου τοῦ δέρματος.

Κολόνια ἀπαράμιλλος
ΕΝ ΤΗ ΒΙΒΛΙΟΘΗΚΗ ΜΑΡΑΣΛΗ

ἐξεδόθησαν τὰ τεύχη 127—128 περιέχοντα: Η. Βερολίνη: Ἱστορία τῆς Ἰταλικῆς Παλιγγενεσίας κατὰ μετάφρασιν Χ. Ἀννίνου τόμ. α' τεῦχ. 3—4ον.

Πλήρης κατάλογος τῶν μέχρι τοῦδε ἐκδοθέντων καὶ ἤδη ὑπὸ τυπον ἀποστελλομενος εἰς τοὺς αἰτοῦντας δωρεὰν.

Ἐκ τοῦ Βιβλιοπωλείου Καρόλου Μπὲκ
ΧΕΙΡΟΥΡΓΙΚΑ
ΚΑΙ ΟΡΘΟΠΑΙΔΙΚΑ ΝΟΣΗΜΑΤΑ
ΙΩΑΝΝΗΣ Γ. ΧΡΥΣΟΣΠΑΘΗΣ
ΙΑΤΡΟΣ

Ἐπὶ 12ετίαν ἐν Γερμανίᾳ Παρισίοις καὶ Βιέννῃ εἰς τὴν χειρουργικὴν, γυναικολογίαν καὶ ὀρθοπαιδίαν ἐν ταῖς ἔφρ. κλινικαῖς τοῦ Hoffa καὶ Lorenz ἀπασχολεῖ δέχεται τοὺς πάσχοντας ἐν τῷ ἰατρείῳ του ὁδὸς Νίκης καὶ Βουκουρεστίου 47 ἀπὸ 9—11 καὶ 3 1/2—5 1/2 τοὺς ἐξ τῶν ἀνωτέρω νοσημάτων πάσχοντας.

Ὀρθοπαιδικὰ νοσήματα. Ἀπασαι αἱ στραβώσεις ποδῶν κλπ. ἐκ γενετῆς ἢ ἐπίκτητοι, ὅτε αἱ τῆς σπονδυλικῆς στήλης, τῶν κάτω καὶ ἄνω ἄκρων. Ἡ ἐκ γενετῆς χωλότης, ἡ θεραπεία ἐκτελεῖται διὰ τῆς ἀναιμάκτου μεθόδου τοῦ Lorenz. Ἡ ἰσχιακοφθορίας (coxalgie), ἐκ τῶν ἐκ χρονίων ρευματισμῶν, ἀρθρίτιδος, ῥαχιτισμοῦ, καταγμάτων τῶν ὀστῶν.

Ὀρθοπαιδικὰ μηχανήματα, εὐρυθμία, ὀρθοπαιδικὴ γυμναστικὴ καὶ μαλάξεις.

ΔΙΑΤΙ; ἡ τὸ ὕδωρ Γιάνος ἐκτοπίζει πᾶν ἄλλο ὕδωρ. Διότι εἰς ὅλας τὰς οἰκογενείας εὑρίσκει τῆς ῥωμαλέης ποτέ ἐπὶ τῆς πλατείας τοῦ Γραφείου του ἐκλιπόντος καὶ τὰς ὑπὸ ἐμπορικὰς τοὺς Ἀνδρ. Σοφιανὸν ἐπιμελητὰ μὲν τοῦ δεσμίου διὰ τὸν μουσικὸν ἱδρύματος καθιερωμένο τὸ ἰδανικὸν ἐπὶ τοῦ ἐπιλέγει ἀπὸ τὸν βέλτιστον τοῦ. Διότι τὸ ἀπίθανον ταχύτατο ὁμοῦ ἀφίησιν ἐκεῖσε καὶ ἐδημοσιεύθησαν πάντα.

Ἐνοικιάζεται ἡ ἐπὶ τῆς πλατείας ἁγίου Γεωργίου ἀριθ. 2 οἰκία ὑπόκλιση τῆς μέρα. Πληροφορίαι ἐν αὐτῇ.
